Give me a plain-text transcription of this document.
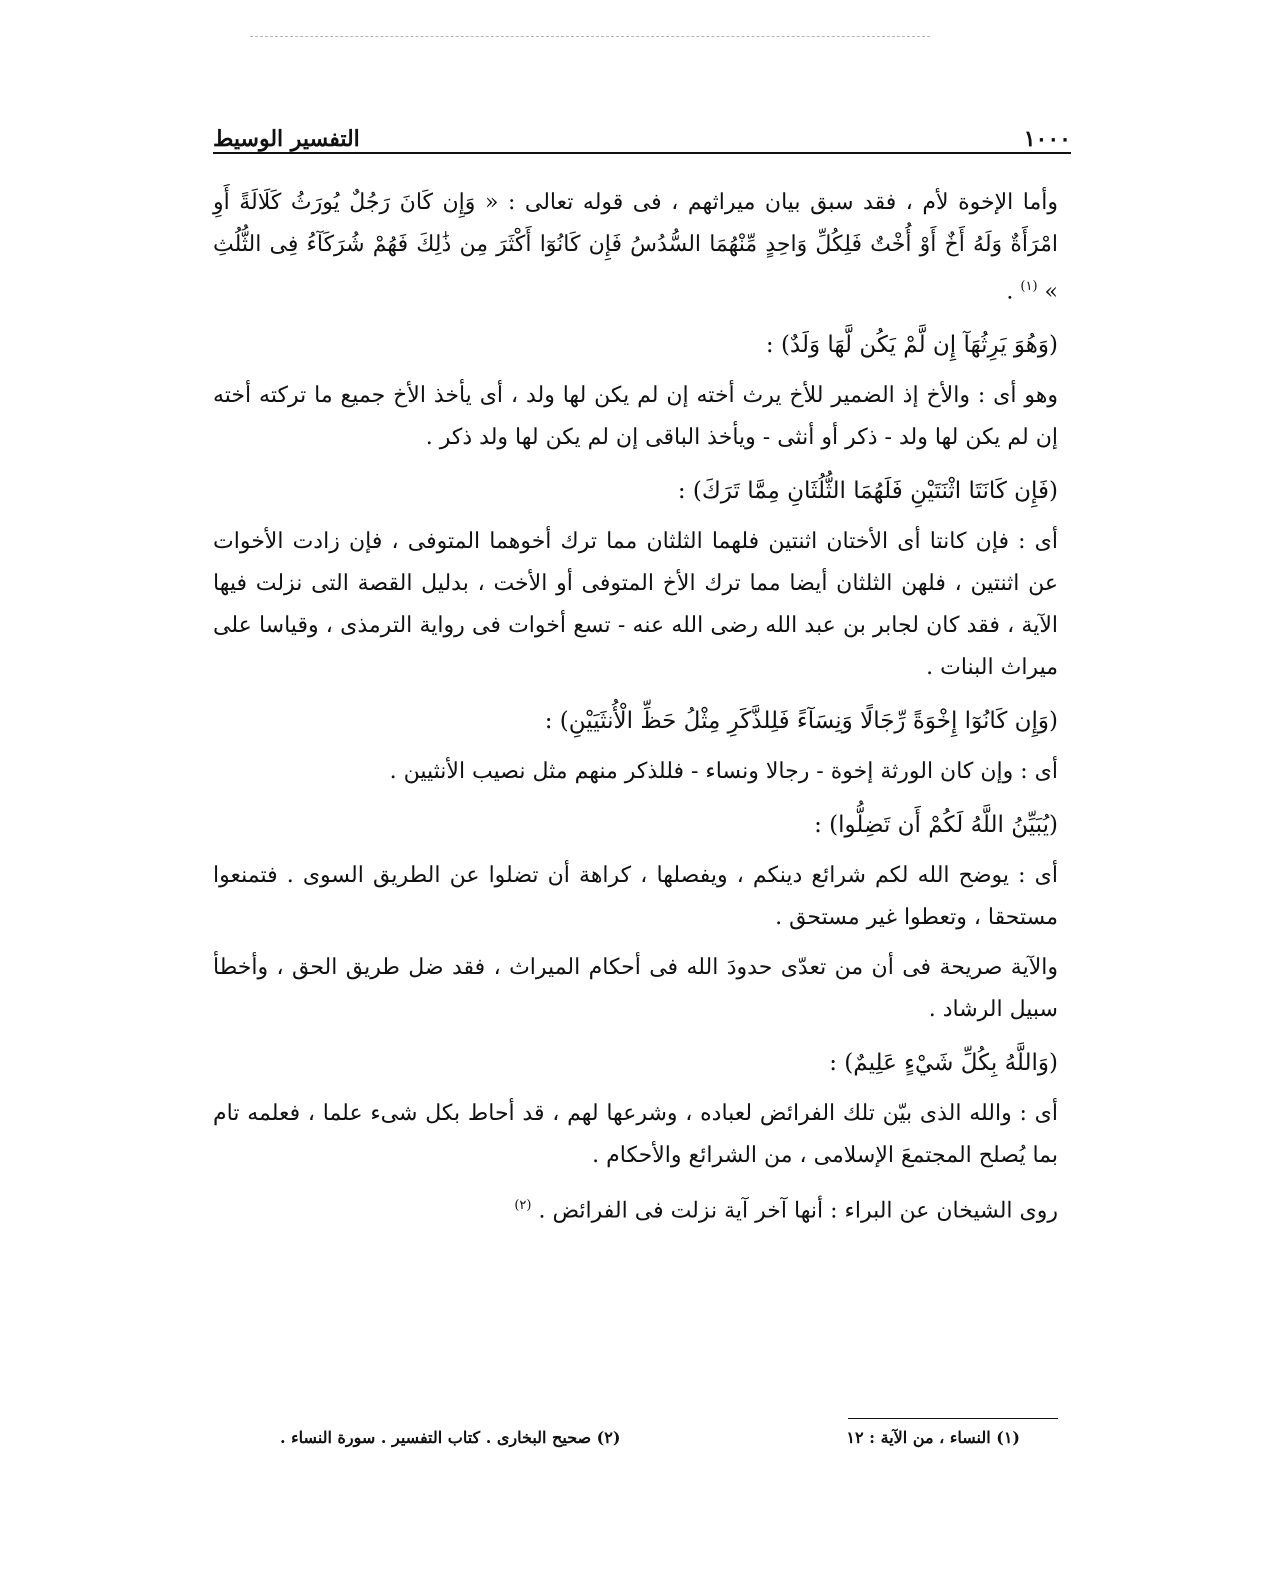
التفسير الوسيط	١٠٠٠

وأما الإخوة لأم ، فقد سبق بيان ميراثهم ، فى قوله تعالى : « وَإِن كَانَ رَجُلٌ يُورَثُ كَلَالَةً أَوِ امْرَأَةٌ وَلَهُ أَخٌ أَوْ أُخْتٌ فَلِكُلِّ وَاحِدٍ مِّنْهُمَا السُّدُسُ فَإِن كَانُوٓا أَكْثَرَ مِن ذَٰلِكَ فَهُمْ شُرَكَآءُ فِى الثُّلُثِ » $^{(١)}$ .

(وَهُوَ يَرِثُهَآ إِن لَّمْ يَكُن لَّهَا وَلَدٌ) :

وهو أى : والأخ إذ الضمير للأخ يرث أخته إن لم يكن لها ولد ، أى يأخذ الأخ جميع ما تركته أخته إن لم يكن لها ولد - ذكر أو أنثى - ويأخذ الباقى إن لم يكن لها ولد ذكر .

(فَإِن كَانَتَا اثْنَتَيْنِ فَلَهُمَا الثُّلُثَانِ مِمَّا تَرَكَ) :

أى : فإن كانتا أى الأختان اثنتين فلهما الثلثان مما ترك أخوهما المتوفى ، فإن زادت الأخوات عن اثنتين ، فلهن الثلثان أيضا مما ترك الأخ المتوفى أو الأخت ، بدليل القصة التى نزلت فيها الآية ، فقد كان لجابر بن عبد الله رضى الله عنه - تسع أخوات فى رواية الترمذى ، وقياسا على ميراث البنات .

(وَإِن كَانُوٓا إِخْوَةً رِّجَالًا وَنِسَآءً فَلِلذَّكَرِ مِثْلُ حَظِّ الْأُنثَيَيْنِ) :

أى : وإن كان الورثة إخوة - رجالا ونساء - فللذكر منهم مثل نصيب الأنثيين .

(يُبَيِّنُ اللَّهُ لَكُمْ أَن تَضِلُّوا) :

أى : يوضح الله لكم شرائع دينكم ، ويفصلها ، كراهة أن تضلوا عن الطريق السوى . فتمنعوا مستحقا ، وتعطوا غير مستحق .

والآية صريحة فى أن من تعدّى حدودَ الله فى أحكام الميراث ، فقد ضل طريق الحق ، وأخطأ سبيل الرشاد .

(وَاللَّهُ بِكُلِّ شَيْءٍ عَلِيمٌ) :

أى : والله الذى بيّن تلك الفرائض لعباده ، وشرعها لهم ، قد أحاط بكل شىء علما ، فعلمه تام بما يُصلح المجتمعَ الإسلامى ، من الشرائع والأحكام .

روى الشيخان عن البراء : أنها آخر آية نزلت فى الفرائض . $^{(٢)}$

(١) النساء ، من الآية : ١٢
(٢) صحيح البخارى . كتاب التفسير . سورة النساء .
